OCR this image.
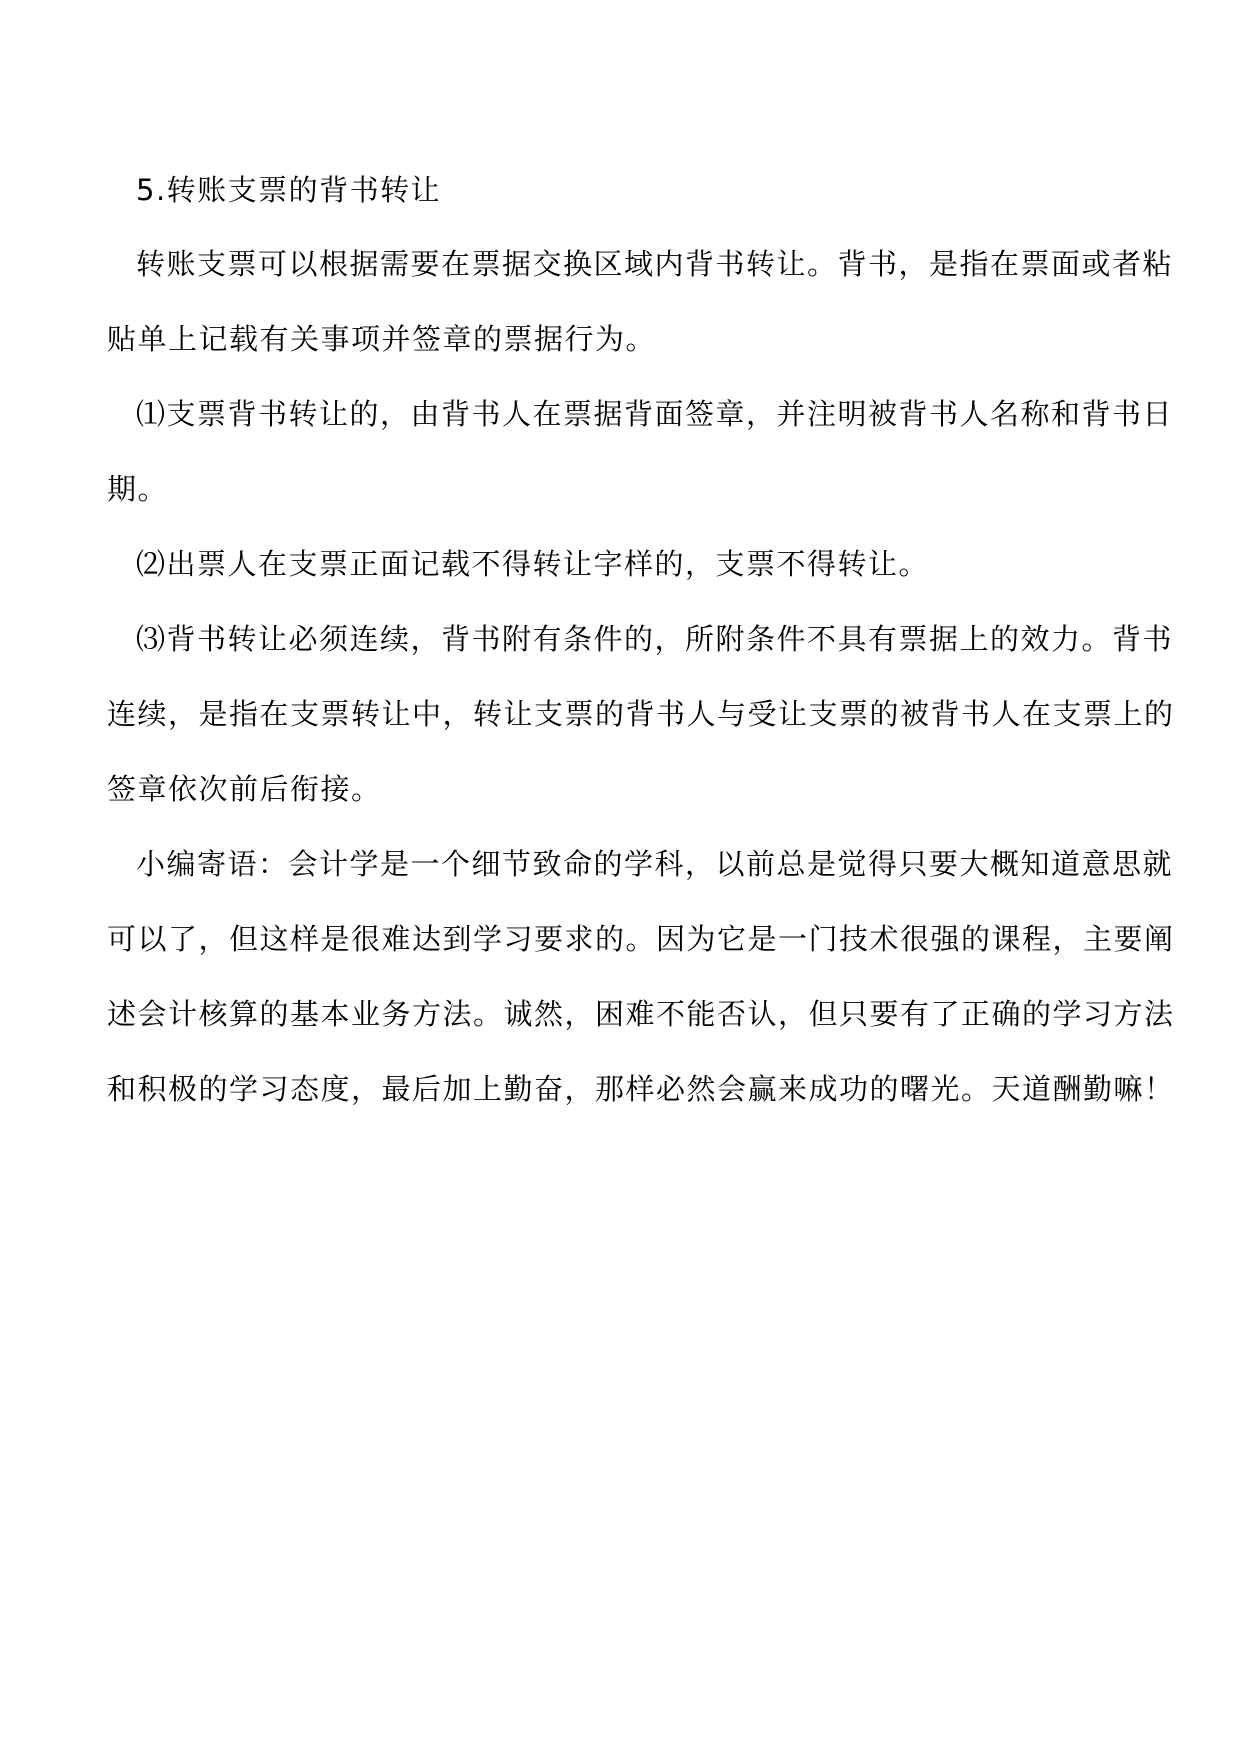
5.转账支票的背书转让
转账支票可以根据需要在票据交换区域内背书转让。背书，是指在票面或者粘
贴单上记载有关事项并签章的票据行为。
⑴支票背书转让的，由背书人在票据背面签章，并注明被背书人名称和背书日
期。
⑵出票人在支票正面记载不得转让字样的，支票不得转让。
⑶背书转让必须连续，背书附有条件的，所附条件不具有票据上的效力。背书
连续，是指在支票转让中，转让支票的背书人与受让支票的被背书人在支票上的
签章依次前后衔接。
小编寄语：会计学是一个细节致命的学科，以前总是觉得只要大概知道意思就
可以了，但这样是很难达到学习要求的。因为它是一门技术很强的课程，主要阐
述会计核算的基本业务方法。诚然，困难不能否认，但只要有了正确的学习方法
和积极的学习态度，最后加上勤奋，那样必然会赢来成功的曙光。天道酬勤嘛！
